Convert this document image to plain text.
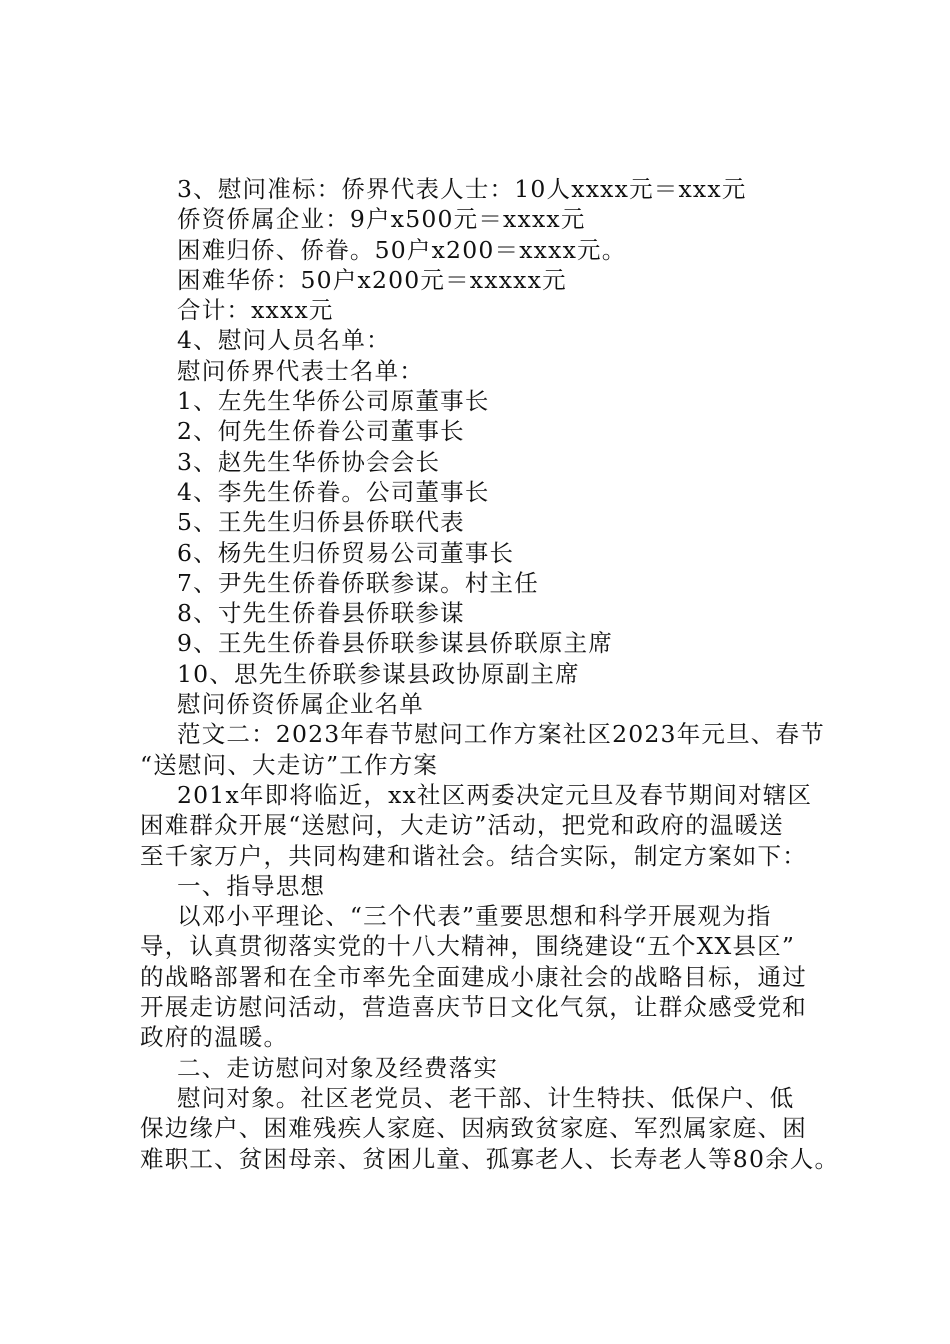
3、慰问准标：侨界代表人士：10人xxxx元＝xxx元
侨资侨属企业：9户x500元＝xxxx元
困难归侨、侨眷。50户x200＝xxxx元。
困难华侨：50户x200元＝xxxxx元
合计：xxxx元
4、慰问人员名单：
慰问侨界代表士名单：
1、左先生华侨公司原董事长
2、何先生侨眷公司董事长
3、赵先生华侨协会会长
4、李先生侨眷。公司董事长
5、王先生归侨县侨联代表
6、杨先生归侨贸易公司董事长
7、尹先生侨眷侨联参谋。村主任
8、寸先生侨眷县侨联参谋
9、王先生侨眷县侨联参谋县侨联原主席
10、思先生侨联参谋县政协原副主席
慰问侨资侨属企业名单
范文二：2023年春节慰问工作方案社区2023年元旦、春节
“送慰问、大走访”工作方案
201x年即将临近，xx社区两委决定元旦及春节期间对辖区
困难群众开展“送慰问，大走访”活动，把党和政府的温暖送
至千家万户，共同构建和谐社会。结合实际，制定方案如下：
一、指导思想
以邓小平理论、“三个代表”重要思想和科学开展观为指
导，认真贯彻落实党的十八大精神，围绕建设“五个XX县区”
的战略部署和在全市率先全面建成小康社会的战略目标，通过
开展走访慰问活动，营造喜庆节日文化气氛，让群众感受党和
政府的温暖。
二、走访慰问对象及经费落实
慰问对象。社区老党员、老干部、计生特扶、低保户、低
保边缘户、困难残疾人家庭、因病致贫家庭、军烈属家庭、困
难职工、贫困母亲、贫困儿童、孤寡老人、长寿老人等80余人。
